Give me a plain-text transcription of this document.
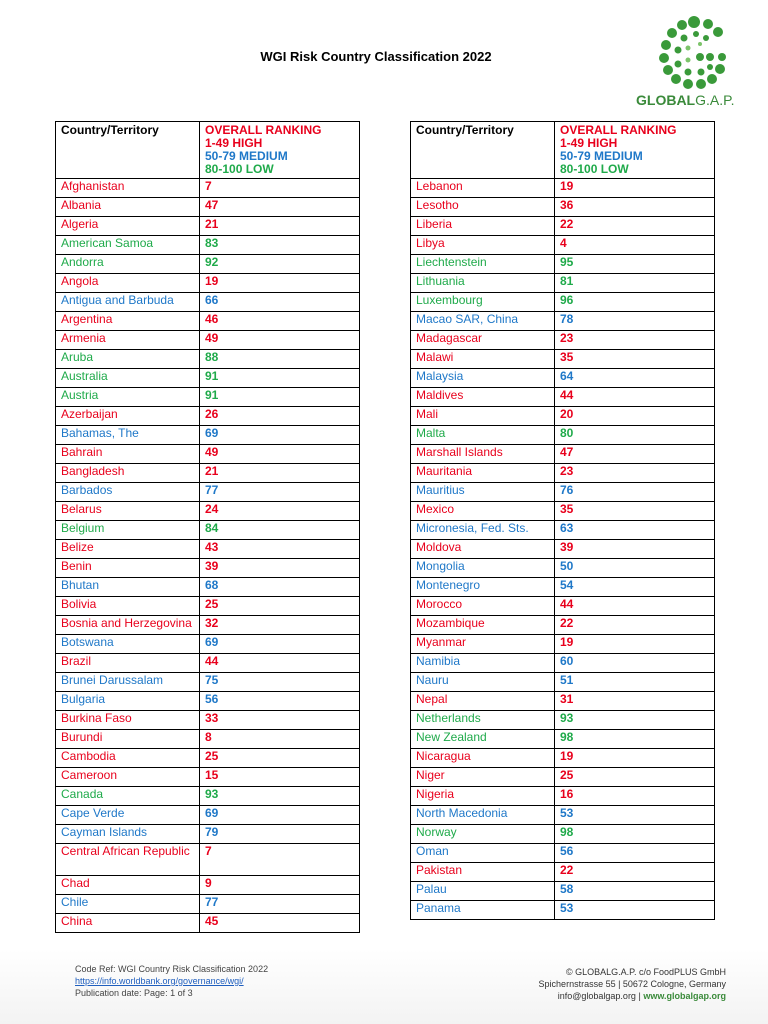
WGI Risk Country Classification 2022
GLOBALG.A.P.
Country/Territory	OVERALL RANKING
1-49 HIGH
50-79 MEDIUM
80-100 LOW

Afghanistan	7
Albania	47
Algeria	21
American Samoa	83
Andorra	92
Angola	19
Antigua and Barbuda	66
Argentina	46
Armenia	49
Aruba	88
Australia	91
Austria	91
Azerbaijan	26
Bahamas, The	69
Bahrain	49
Bangladesh	21
Barbados	77
Belarus	24
Belgium	84
Belize	43
Benin	39
Bhutan	68
Bolivia	25
Bosnia and Herzegovina	32
Botswana	69
Brazil	44
Brunei Darussalam	75
Bulgaria	56
Burkina Faso	33
Burundi	8
Cambodia	25
Cameroon	15
Canada	93
Cape Verde	69
Cayman Islands	79
Central African Republic	7
Chad	9
Chile	77
China	45
Country/Territory	OVERALL RANKING
1-49 HIGH
50-79 MEDIUM
80-100 LOW

Lebanon	19
Lesotho	36
Liberia	22
Libya	4
Liechtenstein	95
Lithuania	81
Luxembourg	96
Macao SAR, China	78
Madagascar	23
Malawi	35
Malaysia	64
Maldives	44
Mali	20
Malta	80
Marshall Islands	47
Mauritania	23
Mauritius	76
Mexico	35
Micronesia, Fed. Sts.	63
Moldova	39
Mongolia	50
Montenegro	54
Morocco	44
Mozambique	22
Myanmar	19
Namibia	60
Nauru	51
Nepal	31
Netherlands	93
New Zealand	98
Nicaragua	19
Niger	25
Nigeria	16
North Macedonia	53
Norway	98
Oman	56
Pakistan	22
Palau	58
Panama	53
Code Ref: WGI Country Risk Classification 2022
https://info.worldbank.org/governance/wgi/
Publication date: Page: 1 of 3
© GLOBALG.A.P. c/o FoodPLUS GmbH
Spichernstrasse 55 | 50672 Cologne, Germany
info@globalgap.org | www.globalgap.org
